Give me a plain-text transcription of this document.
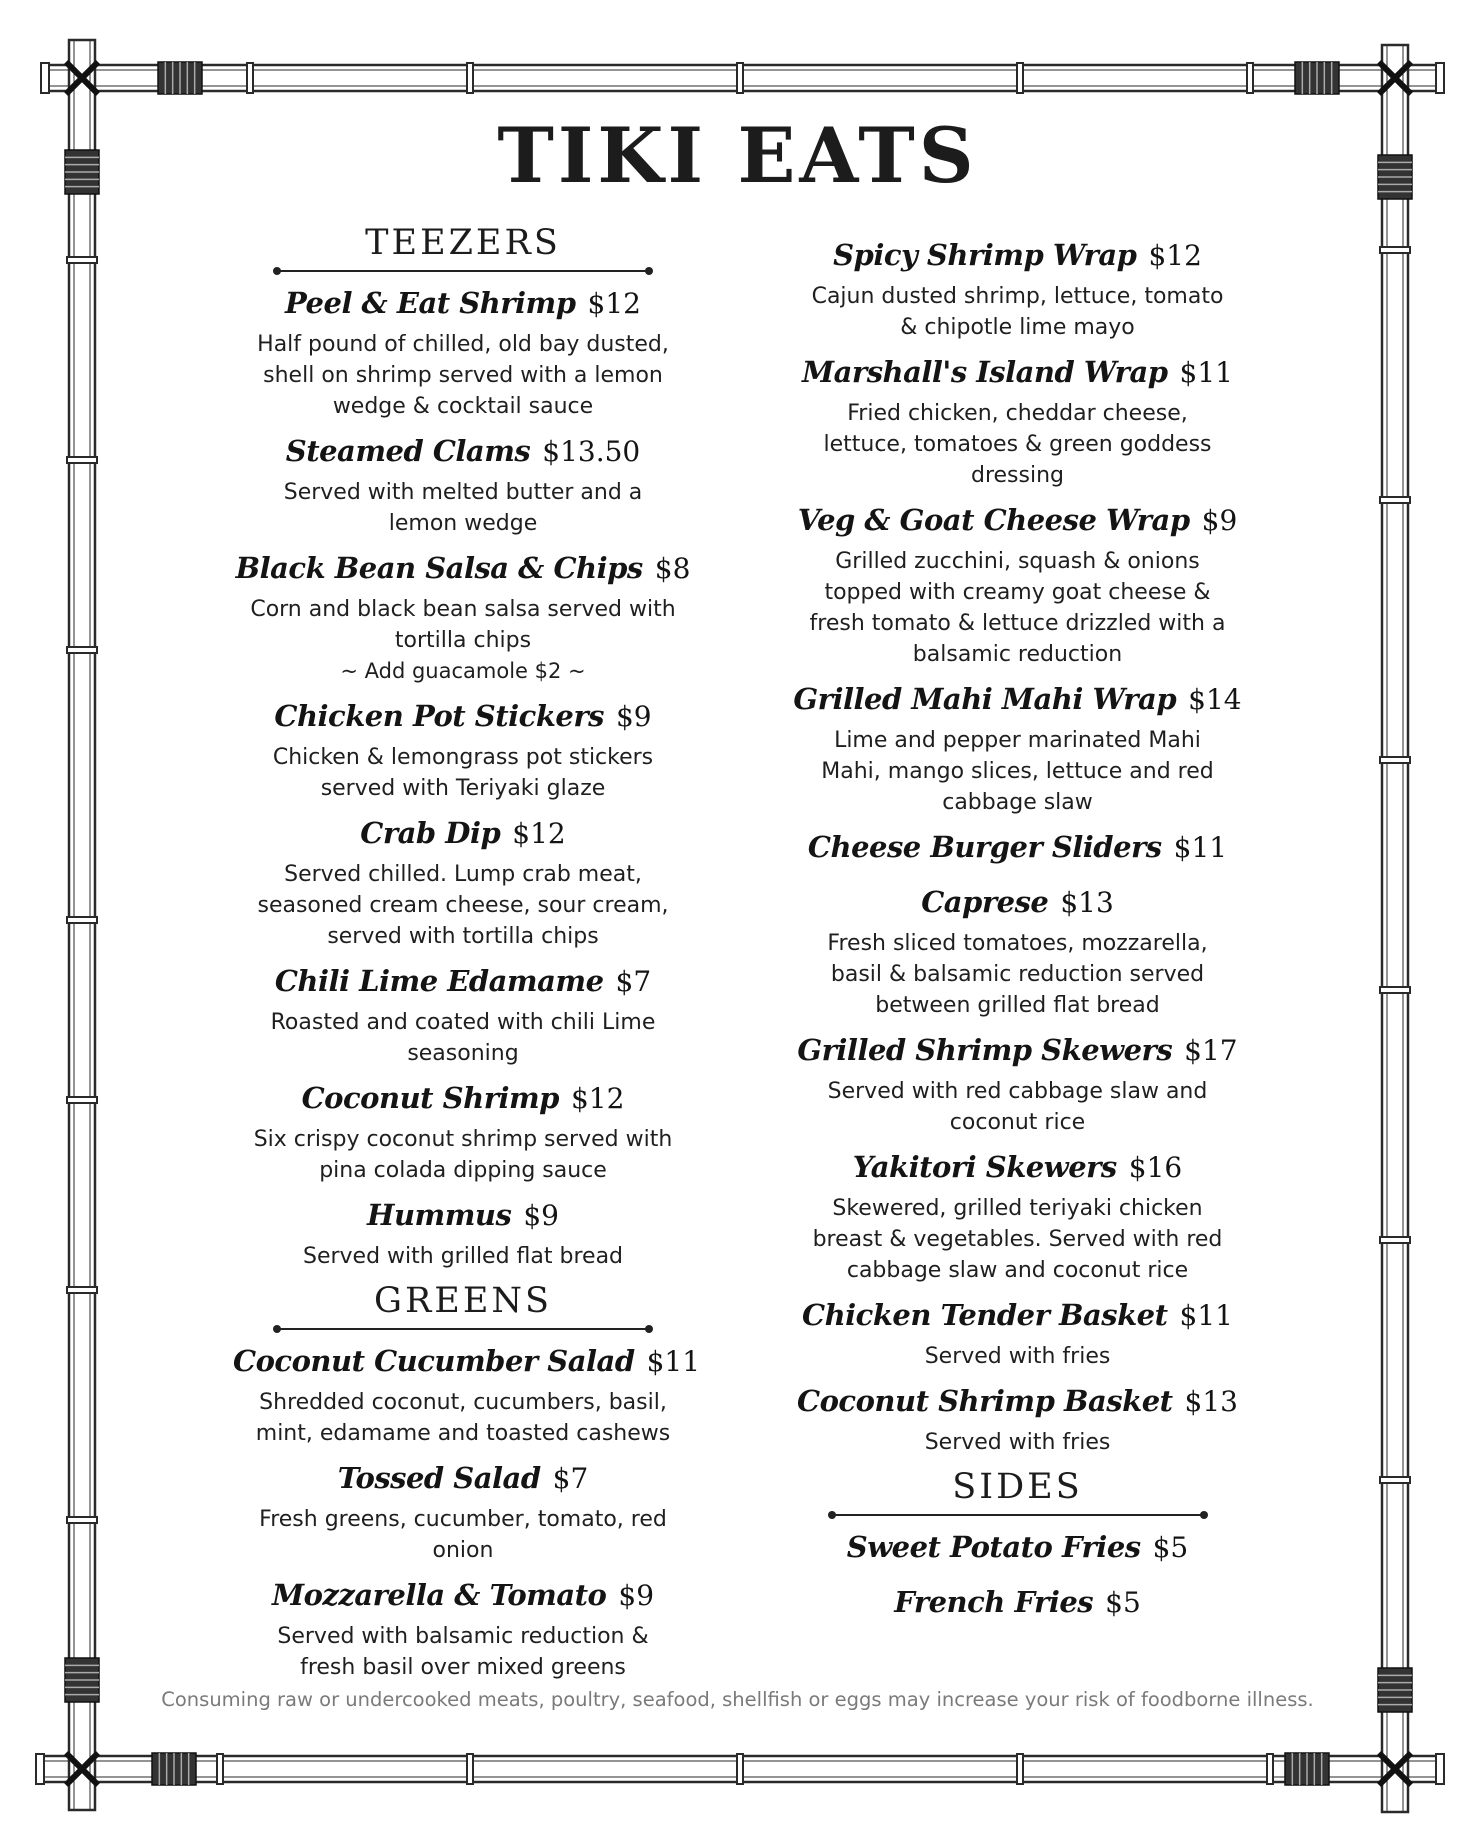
TIKI EATS
TEEZERS
Peel & Eat Shrimp $12
Half pound of chilled, old bay dusted,
shell on shrimp served with a lemon
wedge & cocktail sauce
Steamed Clams $13.50
Served with melted butter and a
lemon wedge
Black Bean Salsa & Chips $8
Corn and black bean salsa served with
tortilla chips
~ Add guacamole $2 ~
Chicken Pot Stickers $9
Chicken & lemongrass pot stickers
served with Teriyaki glaze
Crab Dip $12
Served chilled. Lump crab meat,
seasoned cream cheese, sour cream,
served with tortilla chips
Chili Lime Edamame $7
Roasted and coated with chili Lime
seasoning
Coconut Shrimp $12
Six crispy coconut shrimp served with
pina colada dipping sauce
Hummus $9
Served with grilled flat bread
GREENS
Coconut Cucumber Salad $11
Shredded coconut, cucumbers, basil,
mint, edamame and toasted cashews
Tossed Salad $7
Fresh greens, cucumber, tomato, red
onion
Mozzarella & Tomato $9
Served with balsamic reduction &
fresh basil over mixed greens
Spicy Shrimp Wrap $12
Cajun dusted shrimp, lettuce, tomato
& chipotle lime mayo
Marshall's Island Wrap $11
Fried chicken, cheddar cheese,
lettuce, tomatoes & green goddess
dressing
Veg & Goat Cheese Wrap $9
Grilled zucchini, squash & onions
topped with creamy goat cheese &
fresh tomato & lettuce drizzled with a
balsamic reduction
Grilled Mahi Mahi Wrap $14
Lime and pepper marinated Mahi
Mahi, mango slices, lettuce and red
cabbage slaw
Cheese Burger Sliders $11
Caprese $13
Fresh sliced tomatoes, mozzarella,
basil & balsamic reduction served
between grilled flat bread
Grilled Shrimp Skewers $17
Served with red cabbage slaw and
coconut rice
Yakitori Skewers $16
Skewered, grilled teriyaki chicken
breast & vegetables. Served with red
cabbage slaw and coconut rice
Chicken Tender Basket $11
Served with fries
Coconut Shrimp Basket $13
Served with fries
SIDES
Sweet Potato Fries $5
French Fries $5

Consuming raw or undercooked meats, poultry, seafood, shellfish or eggs may increase your risk of foodborne illness.
